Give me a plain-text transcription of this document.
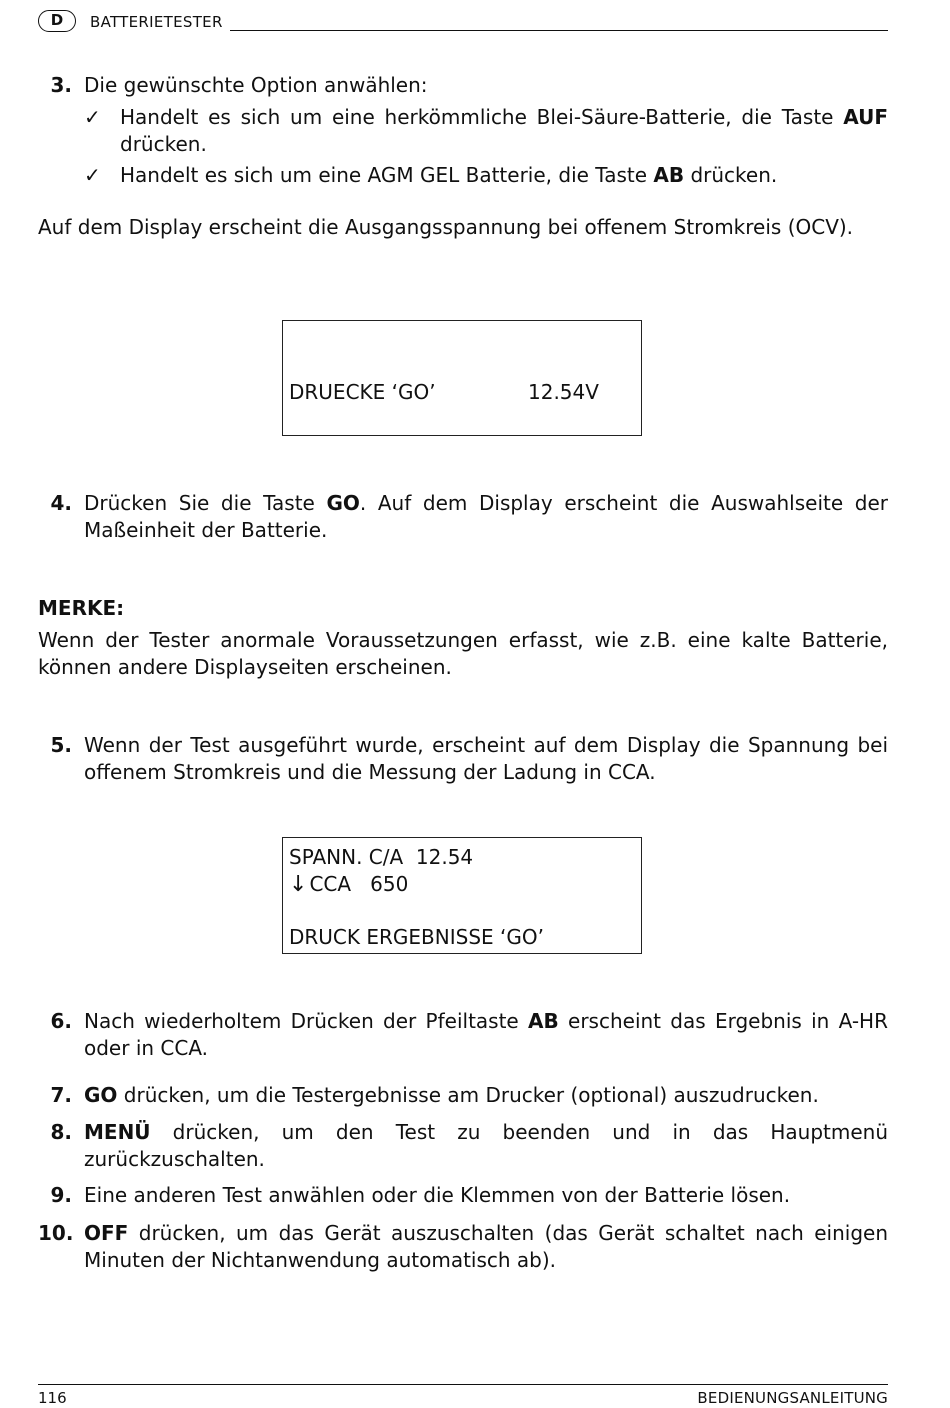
D	BATTERIETESTER
3. Die gewünschte Option anwählen:
✓ Handelt es sich um eine herkömmliche Blei-Säure-Batterie, die Taste AUF drücken.
✓ Handelt es sich um eine AGM GEL Batterie, die Taste AB drücken.
Auf dem Display erscheint die Ausgangsspannung bei offenem Stromkreis (OCV).
DRUECKE ‘GO’	12.54V
4. Drücken Sie die Taste GO. Auf dem Display erscheint die Auswahlseite der Maßeinheit der Batterie.
MERKE:
Wenn der Tester anormale Voraussetzungen erfasst, wie z.B. eine kalte Batterie, können andere Displayseiten erscheinen.
5. Wenn der Test ausgeführt wurde, erscheint auf dem Display die Spannung bei offenem Stromkreis und die Messung der Ladung in CCA.
SPANN. C/A  12.54
↓ CCA   650
DRUCK ERGEBNISSE ‘GO’
6. Nach wiederholtem Drücken der Pfeiltaste AB erscheint das Ergebnis in A-HR oder in CCA.
7. GO drücken, um die Testergebnisse am Drucker (optional) auszudrucken.
8. MENÜ drücken, um den Test zu beenden und in das Hauptmenü zurückzuschalten.
9. Eine anderen Test anwählen oder die Klemmen von der Batterie lösen.
10. OFF drücken, um das Gerät auszuschalten (das Gerät schaltet nach einigen Minuten der Nichtanwendung automatisch ab).
116	BEDIENUNGSANLEITUNG
